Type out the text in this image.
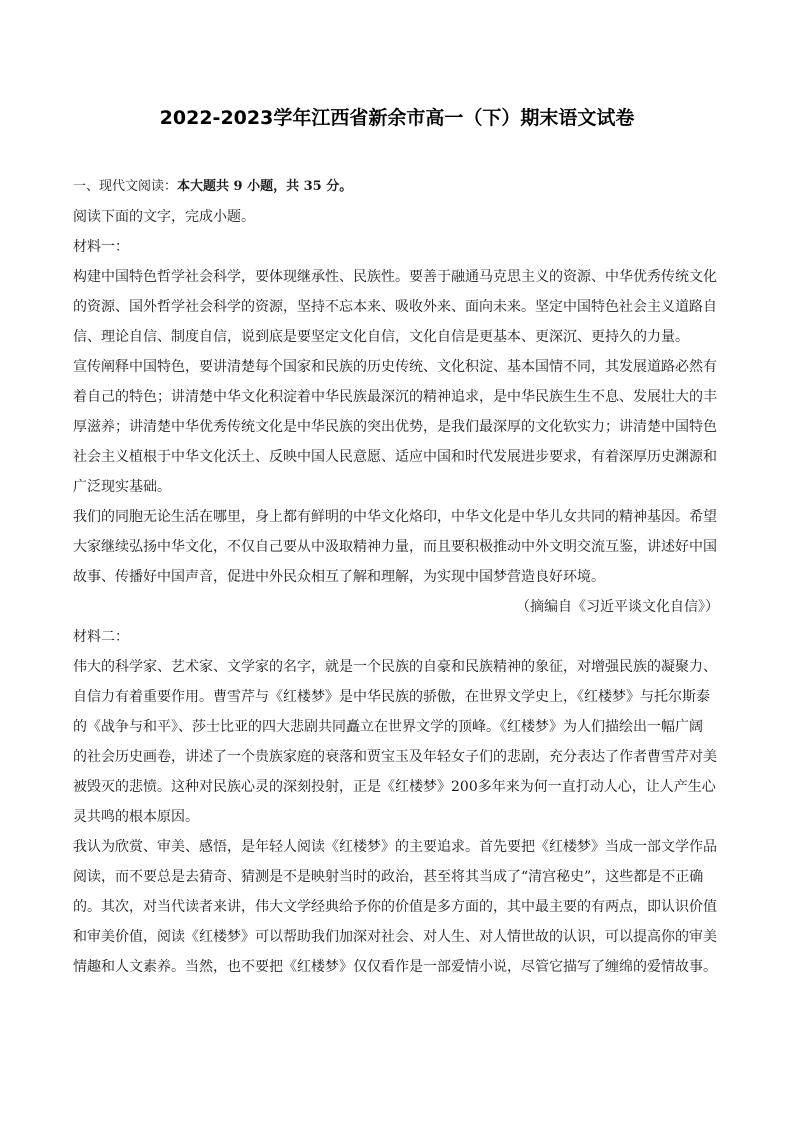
2022-2023学年江西省新余市高一（下）期末语文试卷
一、现代文阅读：本大题共 9 小题，共 35 分。
阅读下面的文字，完成小题。
材料一：
构建中国特色哲学社会科学，要体现继承性、民族性。要善于融通马克思主义的资源、中华优秀传统文化
的资源、国外哲学社会科学的资源，坚持不忘本来、吸收外来、面向未来。坚定中国特色社会主义道路自
信、理论自信、制度自信，说到底是要坚定文化自信，文化自信是更基本、更深沉、更持久的力量。
宣传阐释中国特色，要讲清楚每个国家和民族的历史传统、文化积淀、基本国情不同，其发展道路必然有
着自己的特色；讲清楚中华文化积淀着中华民族最深沉的精神追求，是中华民族生生不息、发展壮大的丰
厚滋养；讲清楚中华优秀传统文化是中华民族的突出优势，是我们最深厚的文化软实力；讲清楚中国特色
社会主义植根于中华文化沃土、反映中国人民意愿、适应中国和时代发展进步要求，有着深厚历史渊源和
广泛现实基础。
我们的同胞无论生活在哪里，身上都有鲜明的中华文化烙印，中华文化是中华儿女共同的精神基因。希望
大家继续弘扬中华文化，不仅自己要从中汲取精神力量，而且要积极推动中外文明交流互鉴，讲述好中国
故事、传播好中国声音，促进中外民众相互了解和理解，为实现中国梦营造良好环境。
（摘编自《习近平谈文化自信》）
材料二：
伟大的科学家、艺术家、文学家的名字，就是一个民族的自豪和民族精神的象征，对增强民族的凝聚力、
自信力有着重要作用。曹雪芹与《红楼梦》是中华民族的骄傲，在世界文学史上，《红楼梦》与托尔斯泰
的《战争与和平》、莎士比亚的四大悲剧共同矗立在世界文学的顶峰。《红楼梦》为人们描绘出一幅广阔
的社会历史画卷，讲述了一个贵族家庭的衰落和贾宝玉及年轻女子们的悲剧，充分表达了作者曹雪芹对美
被毁灭的悲愤。这种对民族心灵的深刻投射，正是《红楼梦》200多年来为何一直打动人心，让人产生心
灵共鸣的根本原因。
我认为欣赏、审美、感悟，是年轻人阅读《红楼梦》的主要追求。首先要把《红楼梦》当成一部文学作品
阅读，而不要总是去猜奇、猜测是不是映射当时的政治，甚至将其当成了“清宫秘史”，这些都是不正确
的。其次，对当代读者来讲，伟大文学经典给予你的价值是多方面的，其中最主要的有两点，即认识价值
和审美价值，阅读《红楼梦》可以帮助我们加深对社会、对人生、对人情世故的认识，可以提高你的审美
情趣和人文素养。当然，也不要把《红楼梦》仅仅看作是一部爱情小说，尽管它描写了缠绵的爱情故事。
